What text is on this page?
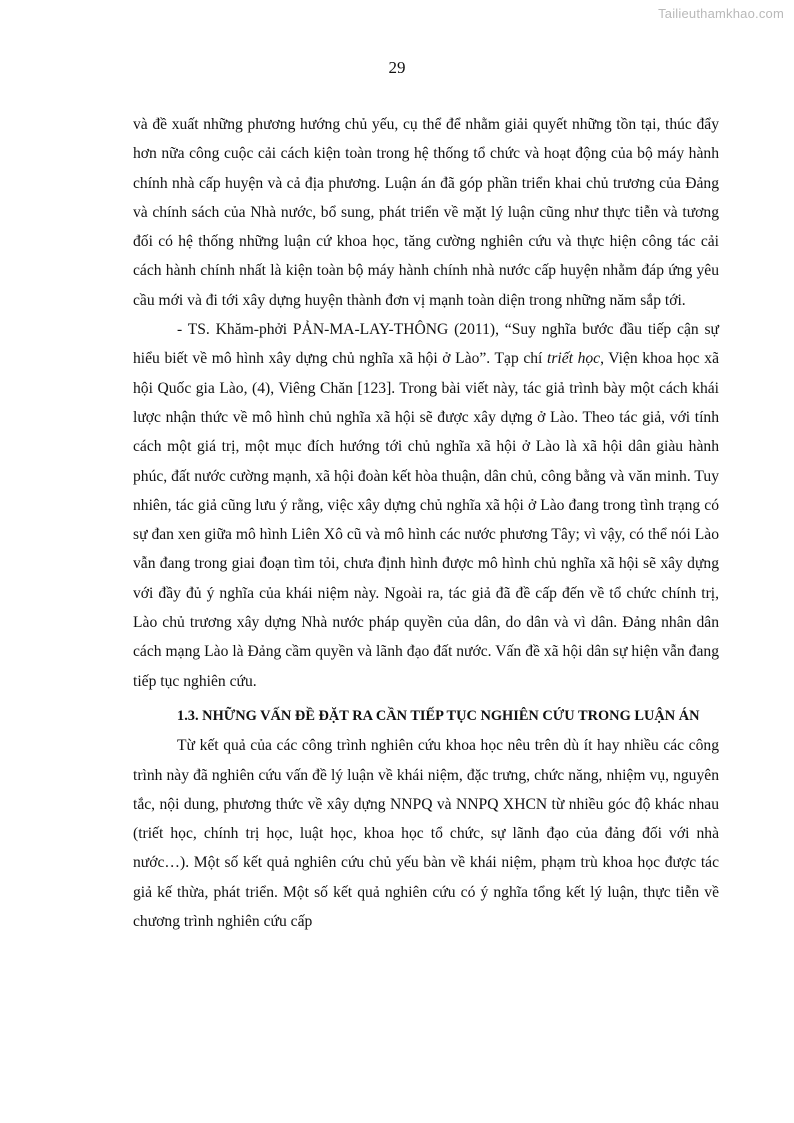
Tailieuthamkhao.com
29

và đề xuất những phương hướng chủ yếu, cụ thể để nhằm giải quyết những tồn tại, thúc đẩy hơn nữa công cuộc cải cách kiện toàn trong hệ thống tổ chức và hoạt động của bộ máy hành chính nhà cấp huyện và cả địa phương. Luận án đã góp phần triển khai chủ trương của Đảng và chính sách của Nhà nước, bổ sung, phát triển về mặt lý luận cũng như thực tiễn và tương đối có hệ thống những luận cứ khoa học, tăng cường nghiên cứu và thực hiện công tác cải cách hành chính nhất là kiện toàn bộ máy hành chính nhà nước cấp huyện nhằm đáp ứng yêu cầu mới và đi tới xây dựng huyện thành đơn vị mạnh toàn diện trong những năm sắp tới.

- TS. Khăm-phởi PẢN-MA-LAY-THÔNG (2011), “Suy nghĩa bước đầu tiếp cận sự hiểu biết về mô hình xây dựng chủ nghĩa xã hội ở Lào”. Tạp chí triết học, Viện khoa học xã hội Quốc gia Lào, (4), Viêng Chăn [123]. Trong bài viết này, tác giả trình bày một cách khái lược nhận thức về mô hình chủ nghĩa xã hội sẽ được xây dựng ở Lào. Theo tác giả, với tính cách một giá trị, một mục đích hướng tới chủ nghĩa xã hội ở Lào là xã hội dân giàu hành phúc, đất nước cường mạnh, xã hội đoàn kết hòa thuận, dân chủ, công bằng và văn minh. Tuy nhiên, tác giả cũng lưu ý rằng, việc xây dựng chủ nghĩa xã hội ở Lào đang trong tình trạng có sự đan xen giữa mô hình Liên Xô cũ và mô hình các nước phương Tây; vì vậy, có thể nói Lào vẫn đang trong giai đoạn tìm tỏi, chưa định hình được mô hình chủ nghĩa xã hội sẽ xây dựng với đầy đủ ý nghĩa của khái niệm này. Ngoài ra, tác giả đã đề cấp đến về tổ chức chính trị, Lào chủ trương xây dựng Nhà nước pháp quyền của dân, do dân và vì dân. Đảng nhân dân cách mạng Lào là Đảng cầm quyền và lãnh đạo đất nước. Vấn đề xã hội dân sự hiện vẫn đang tiếp tục nghiên cứu.

1.3. NHỮNG VẤN ĐỀ ĐẶT RA CẦN TIẾP TỤC NGHIÊN CỨU TRONG LUẬN ÁN

Từ kết quả của các công trình nghiên cứu khoa học nêu trên dù ít hay nhiều các công trình này đã nghiên cứu vấn đề lý luận về khái niệm, đặc trưng, chức năng, nhiệm vụ, nguyên tắc, nội dung, phương thức về xây dựng NNPQ và NNPQ XHCN từ nhiều góc độ khác nhau (triết học, chính trị học, luật học, khoa học tổ chức, sự lãnh đạo của đảng đối với nhà nước…). Một số kết quả nghiên cứu chủ yếu bàn về khái niệm, phạm trù khoa học được tác giả kế thừa, phát triển. Một số kết quả nghiên cứu có ý nghĩa tổng kết lý luận, thực tiễn về chương trình nghiên cứu cấp
